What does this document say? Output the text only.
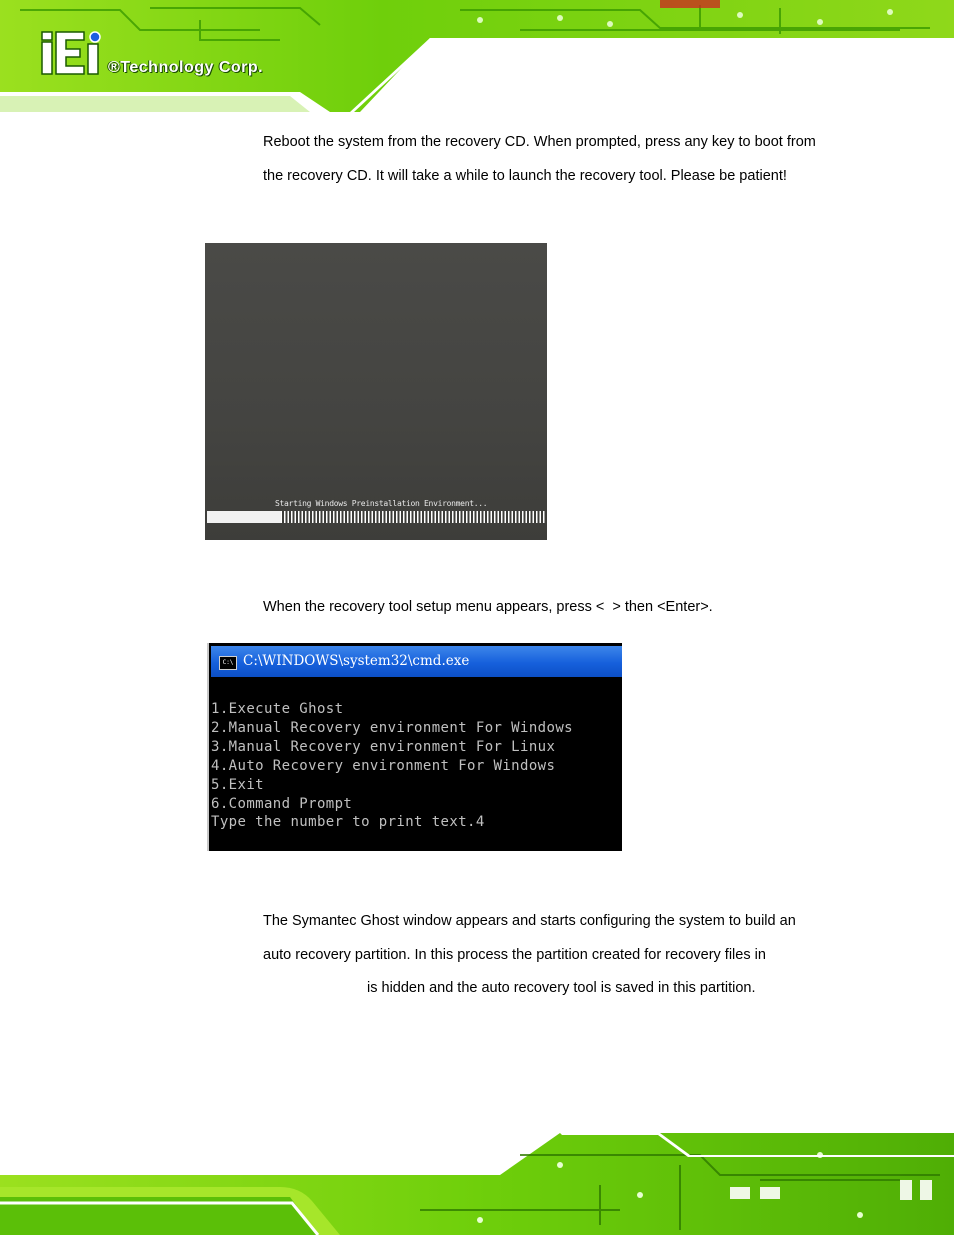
®Technology Corp.
Reboot the system from the recovery CD. When prompted, press any key to boot from the recovery CD. It will take a while to launch the recovery tool. Please be patient!
Starting Windows Preinstallation Environment...
When the recovery tool setup menu appears, press < > then <Enter>.
C:\ C:\WINDOWS\system32\cmd.exe
1.Execute Ghost
2.Manual Recovery environment For Windows
3.Manual Recovery environment For Linux
4.Auto Recovery environment For Windows
5.Exit
6.Command Prompt
Type the number to print text.4
The Symantec Ghost window appears and starts configuring the system to build an auto recovery partition. In this process the partition created for recovery files inis hidden and the auto recovery tool is saved in this partition.
